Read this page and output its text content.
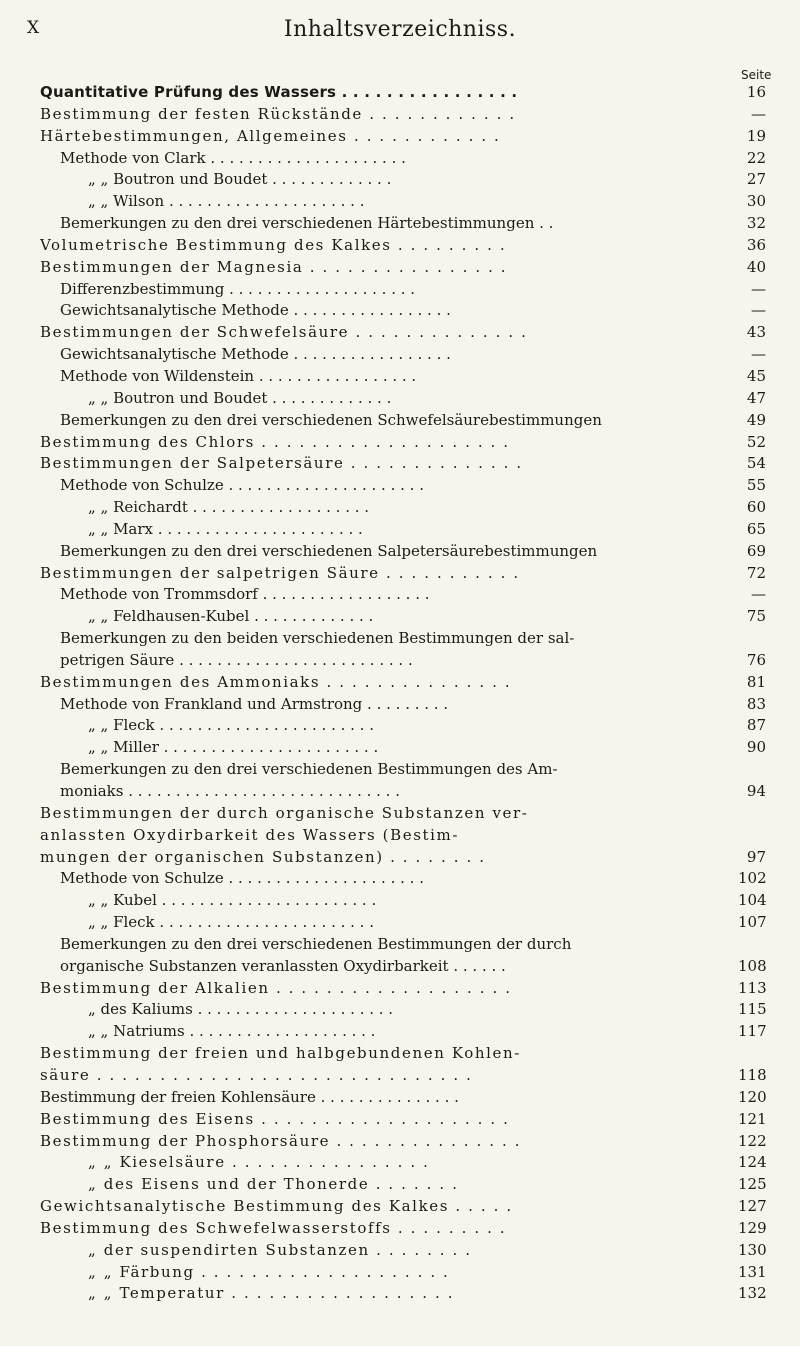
X	Inhaltsverzeichniss.
Seite
Quantitative Prüfung des Wassers . . . . . . . . . . . . . . . .	16
Bestimmung der festen Rückstände . . . . . . . . . . . .	—
Härtebestimmungen, Allgemeines . . . . . . . . . . . .	19
Methode von Clark . . . . . . . . . . . . . . . . . . . . .	22
„ „ Boutron und Boudet . . . . . . . . . . . . .	27
„ „ Wilson . . . . . . . . . . . . . . . . . . . . .	30
Bemerkungen zu den drei verschiedenen Härtebestimmungen . .	32
Volumetrische Bestimmung des Kalkes . . . . . . . . .	36
Bestimmungen der Magnesia . . . . . . . . . . . . . . . .	40
Differenzbestimmung . . . . . . . . . . . . . . . . . . . .	—
Gewichtsanalytische Methode . . . . . . . . . . . . . . . . .	—
Bestimmungen der Schwefelsäure . . . . . . . . . . . . . .	43
Gewichtsanalytische Methode . . . . . . . . . . . . . . . . .	—
Methode von Wildenstein . . . . . . . . . . . . . . . . .	45
„ „ Boutron und Boudet . . . . . . . . . . . . .	47
Bemerkungen zu den drei verschiedenen Schwefelsäurebestimmungen	49
Bestimmung des Chlors . . . . . . . . . . . . . . . . . . . .	52
Bestimmungen der Salpetersäure . . . . . . . . . . . . . .	54
Methode von Schulze . . . . . . . . . . . . . . . . . . . . .	55
„ „ Reichardt . . . . . . . . . . . . . . . . . . .	60
„ „ Marx . . . . . . . . . . . . . . . . . . . . . .	65
Bemerkungen zu den drei verschiedenen Salpetersäurebestimmungen	69
Bestimmungen der salpetrigen Säure . . . . . . . . . . .	72
Methode von Trommsdorf . . . . . . . . . . . . . . . . . .	—
„ „ Feldhausen-Kubel . . . . . . . . . . . . .	75
Bemerkungen zu den beiden verschiedenen Bestimmungen der sal-
petrigen Säure . . . . . . . . . . . . . . . . . . . . . . . . .	76
Bestimmungen des Ammoniaks . . . . . . . . . . . . . . .	81
Methode von Frankland und Armstrong . . . . . . . . .	83
„ „ Fleck . . . . . . . . . . . . . . . . . . . . . . .	87
„ „ Miller . . . . . . . . . . . . . . . . . . . . . . .	90
Bemerkungen zu den drei verschiedenen Bestimmungen des Am-
moniaks . . . . . . . . . . . . . . . . . . . . . . . . . . . . .	94
Bestimmungen der durch organische Substanzen ver-
anlassten Oxydirbarkeit des Wassers (Bestim-
mungen der organischen Substanzen) . . . . . . . .	97
Methode von Schulze . . . . . . . . . . . . . . . . . . . . .	102
„ „ Kubel . . . . . . . . . . . . . . . . . . . . . . .	104
„ „ Fleck . . . . . . . . . . . . . . . . . . . . . . .	107
Bemerkungen zu den drei verschiedenen Bestimmungen der durch
organische Substanzen veranlassten Oxydirbarkeit . . . . . .	108
Bestimmung der Alkalien . . . . . . . . . . . . . . . . . . .	113
„ des Kaliums . . . . . . . . . . . . . . . . . . . . .	115
„ „ Natriums . . . . . . . . . . . . . . . . . . . .	117
Bestimmung der freien und halbgebundenen Kohlen-
säure . . . . . . . . . . . . . . . . . . . . . . . . . . . . . .	118
Bestimmung der freien Kohlensäure . . . . . . . . . . . . . . .	120
Bestimmung des Eisens . . . . . . . . . . . . . . . . . . . .	121
Bestimmung der Phosphorsäure . . . . . . . . . . . . . . .	122
„ „ Kieselsäure . . . . . . . . . . . . . . . .	124
„ des Eisens und der Thonerde . . . . . . .	125
Gewichtsanalytische Bestimmung des Kalkes . . . . .	127
Bestimmung des Schwefelwasserstoffs . . . . . . . . .	129
„ der suspendirten Substanzen . . . . . . . .	130
„ „ Färbung . . . . . . . . . . . . . . . . . . . .	131
„ „ Temperatur . . . . . . . . . . . . . . . . . .	132
